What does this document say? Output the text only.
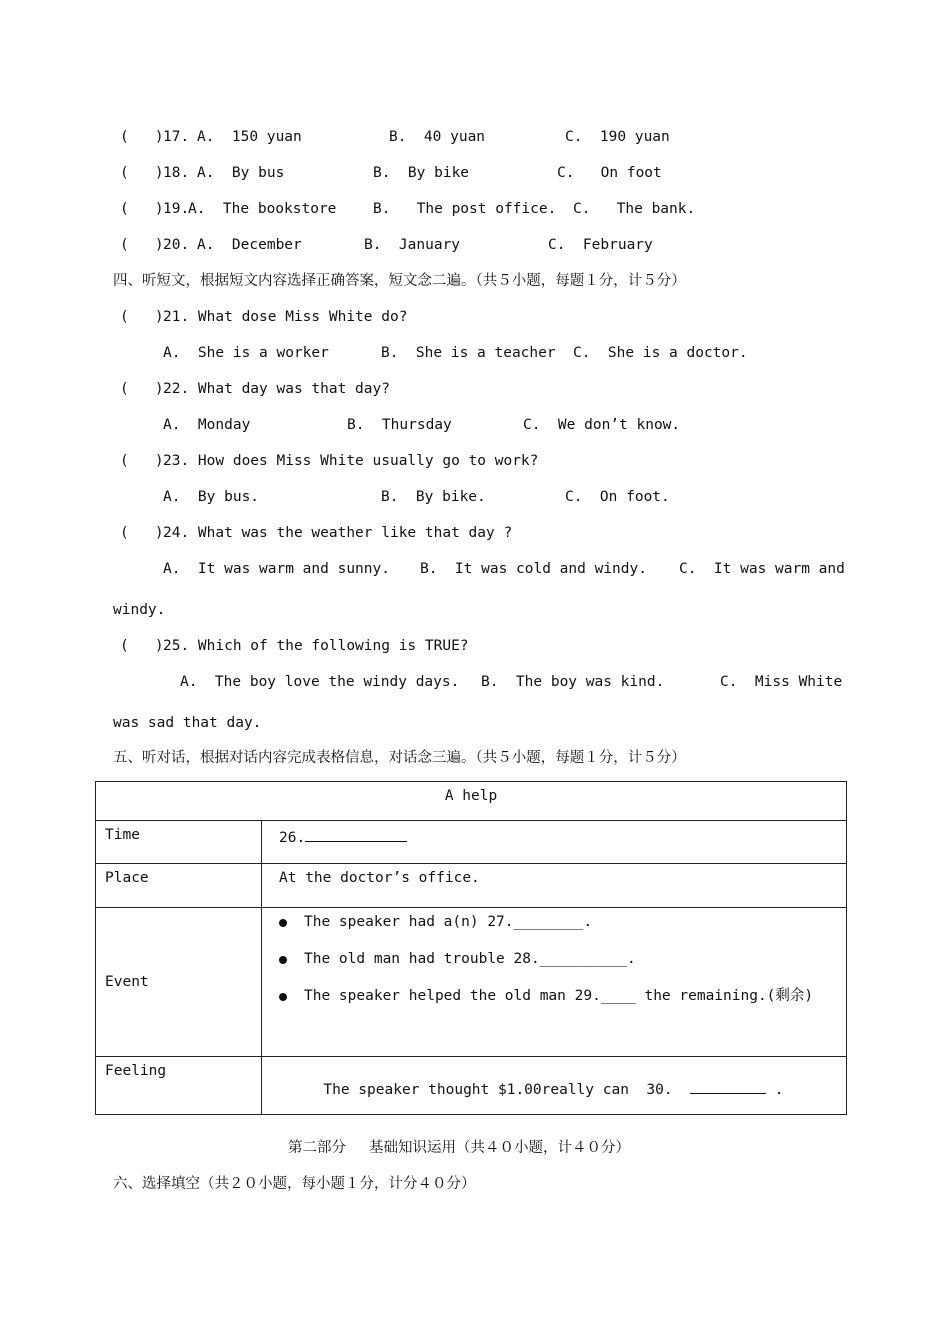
(   ) 17. A.  150 yuan	B.  40 yuan	C.  190 yuan
(   ) 18. A.  By bus	B.  By bike	C.   On foot
(   ) 19.
A.  The bookstore	B.   The post office. C.   The bank.
(   ) 20. A.  December	B.  January	C.  February
四、听短文，根据短文内容选择正确答案，短文念二遍。（共５小题，每题１分，计５分）
(   ) 21. What dose Miss White do?
A.  She is a worker	B.  She is a teacher C.  She is a doctor.
(   ) 22. What day was that day?
A.  Monday	B.  Thursday	C.  We don’t know.
(   ) 23. How does Miss White usually go to work?
A.  By bus.	B.  By bike.	C.  On foot.
(   ) 24. What was the weather like that day ?
A.  It was warm and sunny. B.  It was cold and windy. C.  It was warm and
windy.
(   ) 25. Which of the following is TRUE?
A.  The boy love the windy days. B.  The boy was kind.	C.  Miss White
was sad that day.
五、听对话，根据对话内容完成表格信息，对话念三遍。（共５小题，每题１分，计５分）
A help	
Time	26.
Place	At the doctor’s office.
Event	The speaker had a(n) 27.________.
The old man had trouble 28.__________.
The speaker helped the old man 29.____ the remaining.(剩余)

Feeling	The speaker thought $1.00really can  30. .

第二部分     基础知识运用（共４０小题，计４０分）
六、选择填空（共２０小题，每小题１分，计分４０分）
